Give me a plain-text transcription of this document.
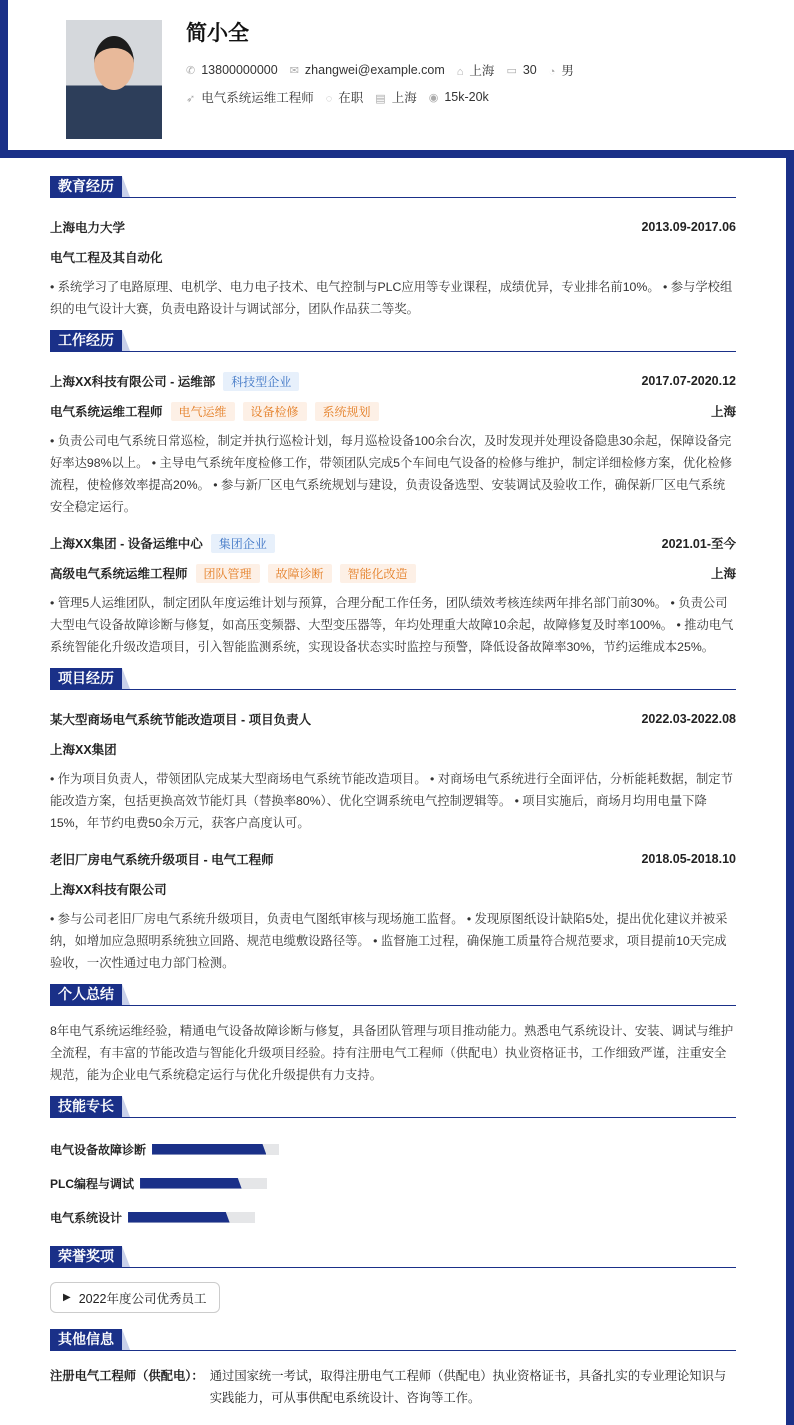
简小全
✆ 13800000000 ✉ zhangwei@example.com ⌂ 上海 ▭ 30 ◔ 男
➶ 电气系统运维工程师 ◌ 在职 ▤ 上海 ◉ 15k-20k
教育经历
上海电力大学	2013.09-2017.06
电气工程及其自动化
• 系统学习了电路原理、电机学、电力电子技术、电气控制与PLC应用等专业课程，成绩优异，专业排名前10%。 • 参与学校组织的电气设计大赛，负责电路设计与调试部分，团队作品获二等奖。
工作经历
上海XX科技有限公司 - 运维部	科技型企业	2017.07-2020.12
电气系统运维工程师	电气运维	设备检修	系统规划	上海
• 负责公司电气系统日常巡检，制定并执行巡检计划，每月巡检设备100余台次，及时发现并处理设备隐患30余起，保障设备完好率达98%以上。 • 主导电气系统年度检修工作，带领团队完成5个车间电气设备的检修与维护，制定详细检修方案，优化检修流程，使检修效率提高20%。 • 参与新厂区电气系统规划与建设，负责设备选型、安装调试及验收工作，确保新厂区电气系统安全稳定运行。
上海XX集团 - 设备运维中心	集团企业	2021.01-至今
高级电气系统运维工程师	团队管理	故障诊断	智能化改造	上海
• 管理5人运维团队，制定团队年度运维计划与预算，合理分配工作任务，团队绩效考核连续两年排名部门前30%。 • 负责公司大型电气设备故障诊断与修复，如高压变频器、大型变压器等，年均处理重大故障10余起，故障修复及时率100%。 • 推动电气系统智能化升级改造项目，引入智能监测系统，实现设备状态实时监控与预警，降低设备故障率30%，节约运维成本25%。
项目经历
某大型商场电气系统节能改造项目 - 项目负责人	2022.03-2022.08
上海XX集团
• 作为项目负责人，带领团队完成某大型商场电气系统节能改造项目。 • 对商场电气系统进行全面评估，分析能耗数据，制定节能改造方案，包括更换高效节能灯具（替换率80%）、优化空调系统电气控制逻辑等。 • 项目实施后，商场月均用电量下降15%，年节约电费50余万元，获客户高度认可。
老旧厂房电气系统升级项目 - 电气工程师	2018.05-2018.10
上海XX科技有限公司
• 参与公司老旧厂房电气系统升级项目，负责电气图纸审核与现场施工监督。 • 发现原图纸设计缺陷5处，提出优化建议并被采纳，如增加应急照明系统独立回路、规范电缆敷设路径等。 • 监督施工过程，确保施工质量符合规范要求，项目提前10天完成验收，一次性通过电力部门检测。
个人总结
8年电气系统运维经验，精通电气设备故障诊断与修复，具备团队管理与项目推动能力。熟悉电气系统设计、安装、调试与维护全流程，有丰富的节能改造与智能化升级项目经验。持有注册电气工程师（供配电）执业资格证书，工作细致严谨，注重安全规范，能为企业电气系统稳定运行与优化升级提供有力支持。
技能专长
电气设备故障诊断
PLC编程与调试
电气系统设计
荣誉奖项
▶ 2022年度公司优秀员工
其他信息
注册电气工程师（供配电）： 通过国家统一考试，取得注册电气工程师（供配电）执业资格证书，具备扎实的专业理论知识与实践能力，可从事供配电系统设计、咨询等工作。
